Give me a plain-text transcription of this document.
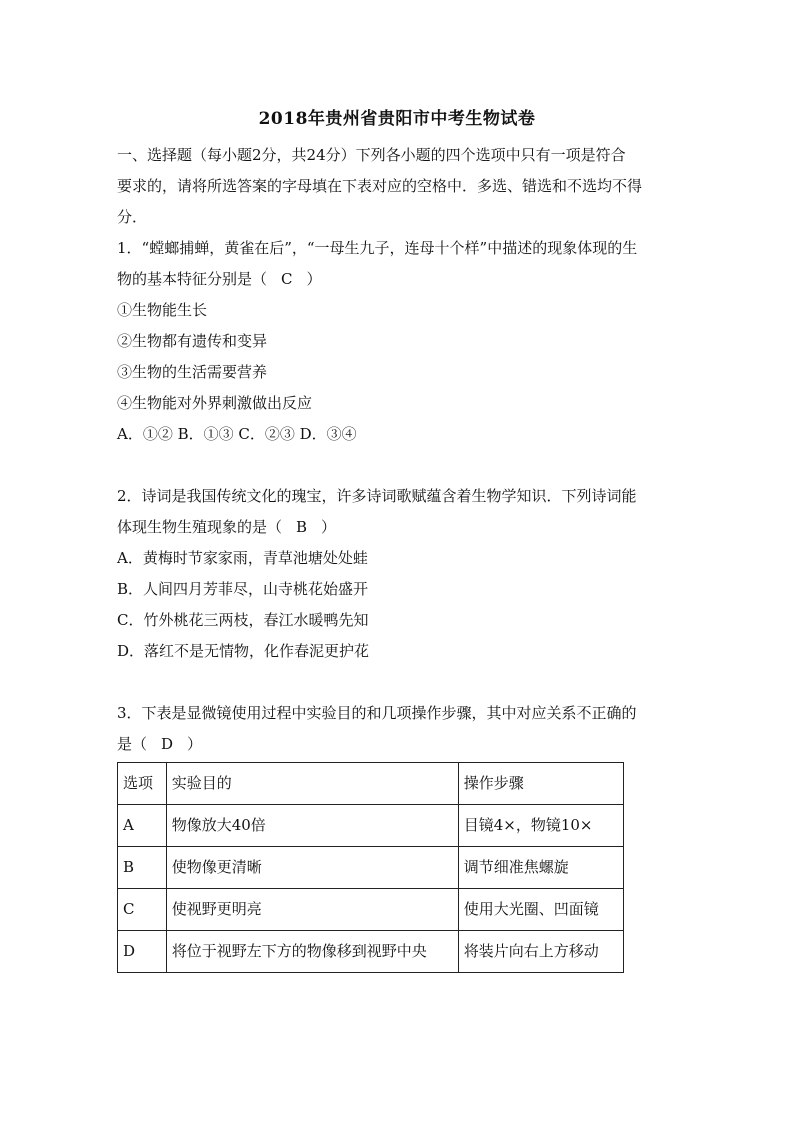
2018年贵州省贵阳市中考生物试卷

一、选择题（每小题2分，共24分）下列各小题的四个选项中只有一项是符合

要求的，请将所选答案的字母填在下表对应的空格中．多选、错选和不选均不得

分．

1．“螳螂捕蝉，黄雀在后”，“一母生九子，连母十个样”中描述的现象体现的生

物的基本特征分别是（ C ）

①生物能生长

②生物都有遗传和变异

③生物的生活需要营养

④生物能对外界刺激做出反应

A．①② B．①③ C．②③ D．③④

2．诗词是我国传统文化的瑰宝，许多诗词歌赋蕴含着生物学知识．下列诗词能

体现生物生殖现象的是（ B ）

A．黄梅时节家家雨，青草池塘处处蛙

B．人间四月芳菲尽，山寺桃花始盛开

C．竹外桃花三两枝，春江水暖鸭先知

D．落红不是无情物，化作春泥更护花

3．下表是显微镜使用过程中实验目的和几项操作步骤，其中对应关系不正确的

是（ D ）

选项	实验目的	操作步骤
A	物像放大40倍	目镜4×，物镜10×
B	使物像更清晰	调节细准焦螺旋
C	使视野更明亮	使用大光圈、凹面镜
D	将位于视野左下方的物像移到视野中央	将装片向右上方移动
